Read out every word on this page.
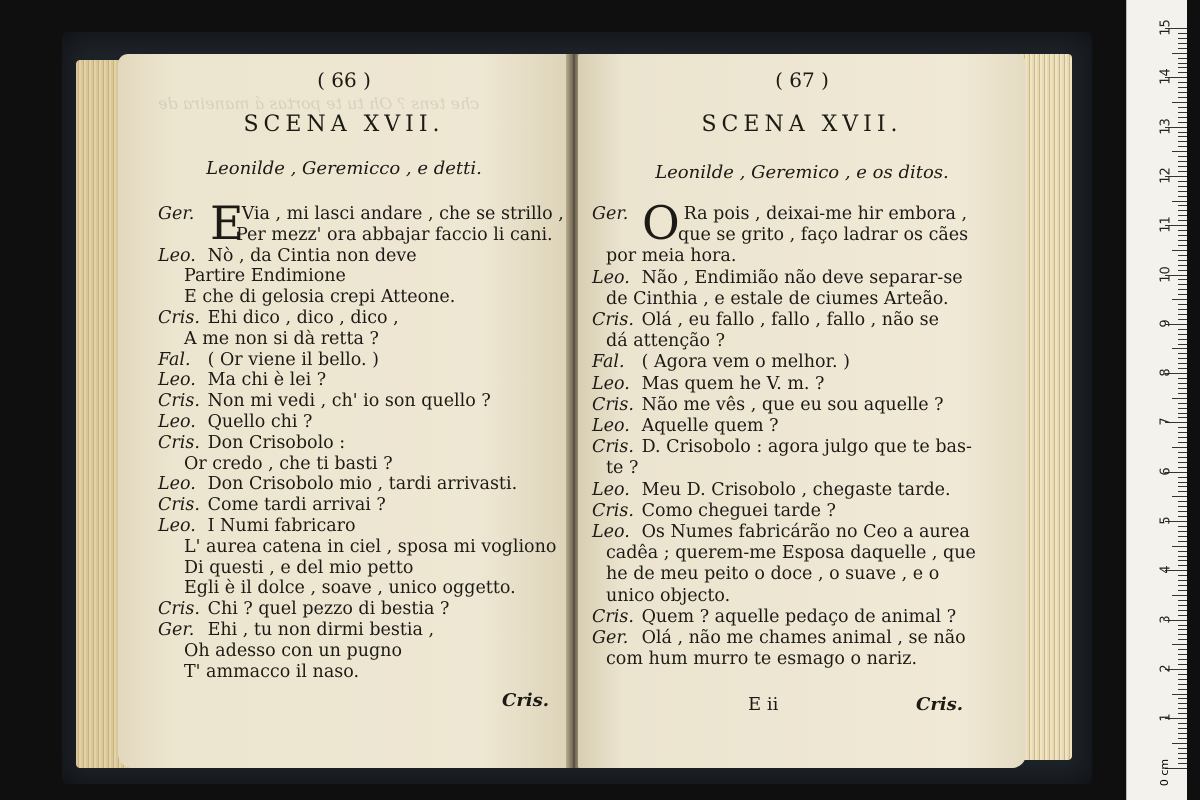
che tens ? Oh tu te portas á maneira de
( 66 )
SCENA XVII.
Leonilde , Geremicco , e detti.
E
Ger. Via , mi lasci andare , che se strillo ,
Per mezz' ora abbajar faccio li cani.
Leo. Nò , da Cintia non deve
Partire Endimione
E che di gelosia crepi Atteone.
Cris. Ehi dico , dico , dico ,
A me non si dà retta ?
Fal. ( Or viene il bello. )
Leo. Ma chi è lei ?
Cris. Non mi vedi , ch' io son quello ?
Leo. Quello chi ?
Cris. Don Crisobolo :
Or credo , che ti basti ?
Leo. Don Crisobolo mio , tardi arrivasti.
Cris. Come tardi arrivai ?
Leo. I Numi fabricaro
L' aurea catena in ciel , sposa mi vogliono
Di questi , e del mio petto
Egli è il dolce , soave , unico oggetto.
Cris. Chi ? quel pezzo di bestia ?
Ger. Ehi , tu non dirmi bestia ,
Oh adesso con un pugno
T' ammacco il naso.
Cris.
( 67 )
SCENA XVII.
Leonilde , Geremico , e os ditos.
O
Ger.	Ra pois , deixai-me hir embora ,
que se grito , faço ladrar os cães
por meia hora.
Leo. Não , Endimião não deve separar-se
de Cinthia , e estale de ciumes Arteão.
Cris. Olá , eu fallo , fallo , fallo , não se
dá attenção ?
Fal. ( Agora vem o melhor. )
Leo. Mas quem he V. m. ?
Cris. Não me vês , que eu sou aquelle ?
Leo. Aquelle quem ?
Cris. D. Crisobolo : agora julgo que te bas-
te ?
Leo. Meu D. Crisobolo , chegaste tarde.
Cris. Como cheguei tarde ?
Leo. Os Numes fabricárão no Ceo a aurea
cadêa ; querem-me Esposa daquelle , que
he de meu peito o doce , o suave , e o
unico objecto.
Cris. Quem ? aquelle pedaço de animal ?
Ger. Olá , não me chames animal , se não
com hum murro te esmago o nariz.
E ii	Cris.
15
14
13
12
11
10
9
8
7
6
5
4
3
2
1
0 cm
